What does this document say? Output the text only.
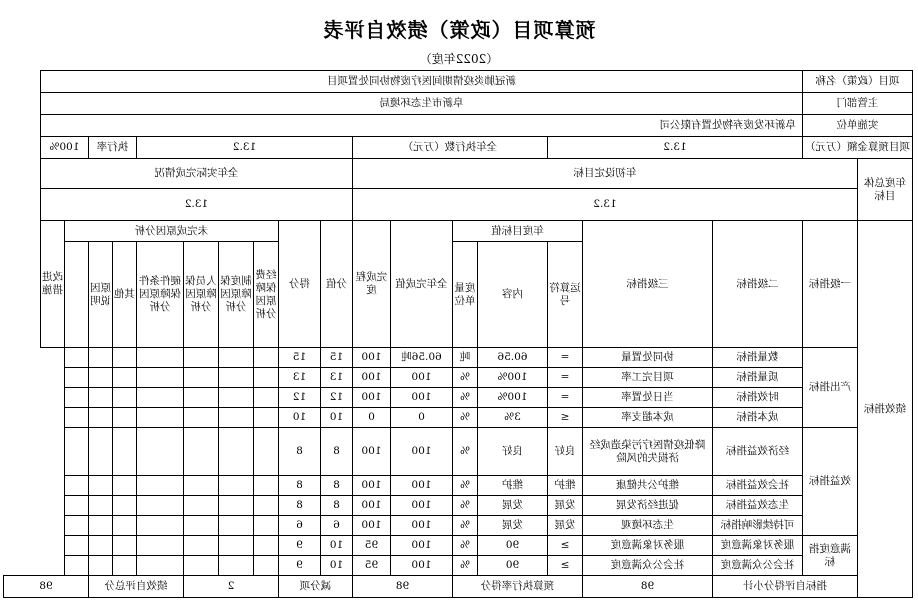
预算项目（政策）绩效自评表
（2022年度）
项目（政策）名称		新冠肺炎疫情期间医疗废物协同处置项目																
主管部门		阜新市生态环境局																
实施单位		阜新环发废弃物处置有限公司																
项目预算金额（万元）		13.2			全年执行数（万元）				13.2						执行率		100%	
年度总体目标	年初设定目标								全年实际完成情况									
	13.2								13.2									
绩效指标	一级指标	二级指标	三级指标	年度目标值			全年完成值	完成程度	分值	得分	未完成原因分析							改进措施
				运算符号	内容	度量单位					经费保障原因分析	制度保障原因分析	人员保障原因分析	硬件条件保障原因分析	其他	原因说明		
	产出指标	数量指标	协同处置量	=	60.56	吨	60.56吨	100	15	15								
		质量指标	项目完工率	=	100%	%	100	100	13	13								
		时效指标	当日处置率	=	100%	%	100	100	12	12								
		成本指标	成本超支率	≤	3%	%	0	0	10	10								
	效益指标	经济效益指标	降低疫情医疗污染造成经济损失的风险	良好	良好	%	100	100	8	8								
		社会效益指标	维护公共健康	维护	维护	%	100	100	8	8								
		生态效益指标	促进经济发展	发展	发展	%	100	100	8	8								
		可持续影响指标	生态环境观	发展	发展	%	100	100	6	6								
	满意度指标	服务对象满意度	服务对象满意度	≥	90	%	100	95	10	9								
		社会公众满意度	社会公众满意度	≥	90	%	100	95	10	9								
	指标自评得分小计		98	预算执行率得分			98		减分项		2			绩效自评总分			98	
